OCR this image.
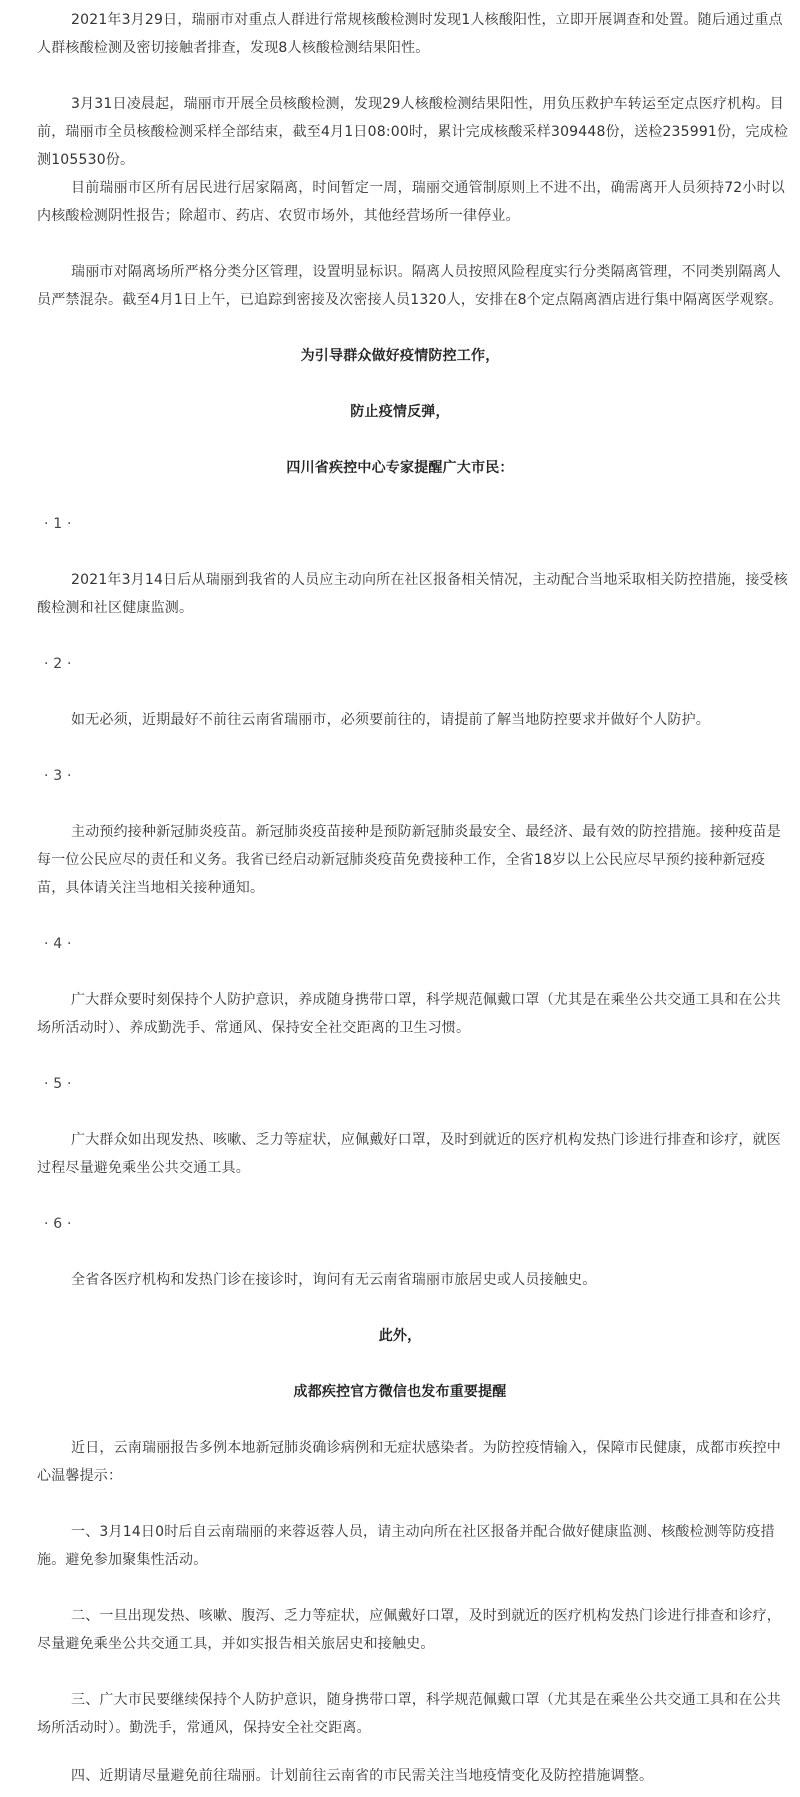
2021年3月29日，瑞丽市对重点人群进行常规核酸检测时发现1人核酸阳性，立即开展调查和处置。随后通过重点人群核酸检测及密切接触者排查，发现8人核酸检测结果阳性。

3月31日凌晨起，瑞丽市开展全员核酸检测，发现29人核酸检测结果阳性，用负压救护车转运至定点医疗机构。目前，瑞丽市全员核酸检测采样全部结束，截至4月1日08:00时，累计完成核酸采样309448份，送检235991份，完成检测105530份。

目前瑞丽市区所有居民进行居家隔离，时间暂定一周，瑞丽交通管制原则上不进不出，确需离开人员须持72小时以内核酸检测阴性报告；除超市、药店、农贸市场外，其他经营场所一律停业。

瑞丽市对隔离场所严格分类分区管理，设置明显标识。隔离人员按照风险程度实行分类隔离管理，不同类别隔离人员严禁混杂。截至4月1日上午，已追踪到密接及次密接人员1320人，安排在8个定点隔离酒店进行集中隔离医学观察。

为引导群众做好疫情防控工作，

防止疫情反弹，

四川省疾控中心专家提醒广大市民：

· 1 ·

2021年3月14日后从瑞丽到我省的人员应主动向所在社区报备相关情况，主动配合当地采取相关防控措施，接受核酸检测和社区健康监测。

· 2 ·

如无必须，近期最好不前往云南省瑞丽市，必须要前往的，请提前了解当地防控要求并做好个人防护。

· 3 ·

主动预约接种新冠肺炎疫苗。新冠肺炎疫苗接种是预防新冠肺炎最安全、最经济、最有效的防控措施。接种疫苗是每一位公民应尽的责任和义务。我省已经启动新冠肺炎疫苗免费接种工作，全省18岁以上公民应尽早预约接种新冠疫苗，具体请关注当地相关接种通知。

· 4 ·

广大群众要时刻保持个人防护意识，养成随身携带口罩，科学规范佩戴口罩（尤其是在乘坐公共交通工具和在公共场所活动时）、养成勤洗手、常通风、保持安全社交距离的卫生习惯。

· 5 ·

广大群众如出现发热、咳嗽、乏力等症状，应佩戴好口罩，及时到就近的医疗机构发热门诊进行排查和诊疗，就医过程尽量避免乘坐公共交通工具。

· 6 ·

全省各医疗机构和发热门诊在接诊时，询问有无云南省瑞丽市旅居史或人员接触史。

此外，

成都疾控官方微信也发布重要提醒

近日，云南瑞丽报告多例本地新冠肺炎确诊病例和无症状感染者。为防控疫情输入，保障市民健康，成都市疾控中心温馨提示：

一、3月14日0时后自云南瑞丽的来蓉返蓉人员，请主动向所在社区报备并配合做好健康监测、核酸检测等防疫措施。避免参加聚集性活动。

二、一旦出现发热、咳嗽、腹泻、乏力等症状，应佩戴好口罩，及时到就近的医疗机构发热门诊进行排查和诊疗，尽量避免乘坐公共交通工具，并如实报告相关旅居史和接触史。

三、广大市民要继续保持个人防护意识，随身携带口罩，科学规范佩戴口罩（尤其是在乘坐公共交通工具和在公共场所活动时）。勤洗手，常通风，保持安全社交距离。

四、近期请尽量避免前往瑞丽。计划前往云南省的市民需关注当地疫情变化及防控措施调整。
